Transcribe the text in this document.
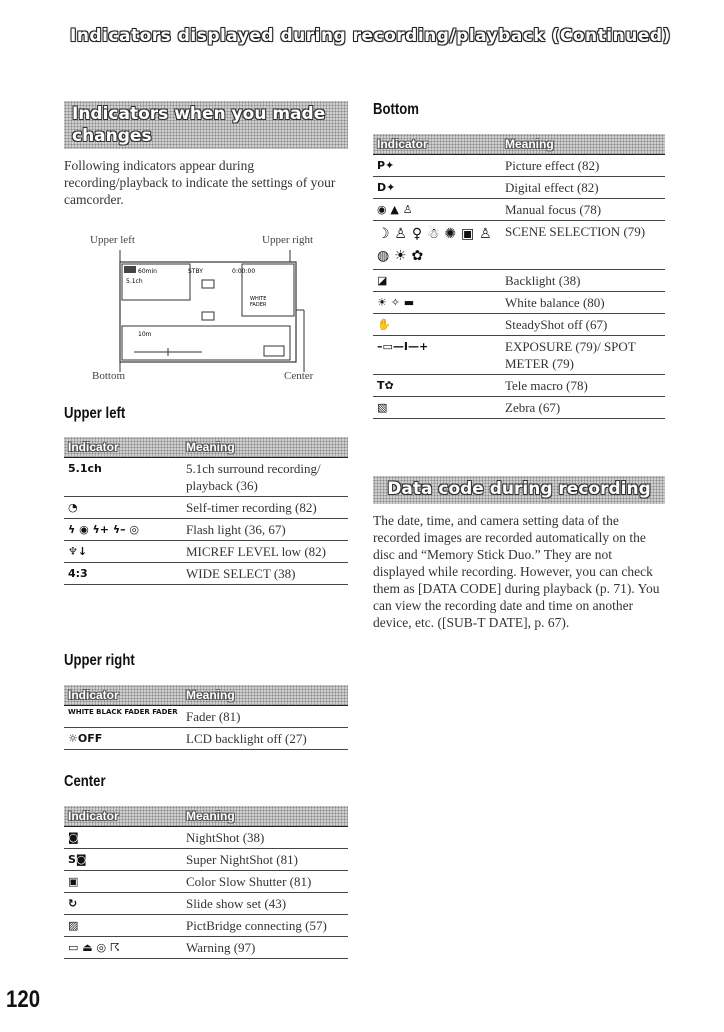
Indicators displayed during recording/playback (Continued)
Indicators when you made changes
Following indicators appear during recording/playback to indicate the settings of your camcorder.
Upper left	Upper right
Bottom	Center
60min	STBY	0:00:00
5.1ch
WHITE
FADER
10m
Upper left
Indicator	Meaning
5.1ch	5.1ch surround recording/ playback (36)
◔	Self-timer recording (82)
ϟ ◉ ϟ+ ϟ– ◎	Flash light (36, 67)
♆↓	MICREF LEVEL low (82)
4:3	WIDE SELECT (38)
Upper right
Indicator	Meaning
WHITE BLACK FADER FADER	Fader (81)
☼OFF	LCD backlight off (27)
Center
Indicator	Meaning
◙	NightShot (38)
S◙	Super NightShot (81)
▣	Color Slow Shutter (81)
↻	Slide show set (43)
▨	PictBridge connecting (57)
▭ ⏏ ◎ ☈	Warning (97)
Bottom
Indicator	Meaning
P✦	Picture effect (82)
D✦	Digital effect (82)
◉ ▲ ♙	Manual focus (78)
☽ ♙ ♀ ☃ ✺ ▣ ♙ ◍ ☀ ✿	SCENE SELECTION (79)
◪	Backlight (38)
☀ ✧ ▬	White balance (80)
✋	SteadyShot off (67)
–▭—I—+	EXPOSURE (79)/ SPOT METER (79)
T✿	Tele macro (78)
▧	Zebra (67)
Data code during recording
The date, time, and camera setting data of the recorded images are recorded automatically on the disc and “Memory Stick Duo.” They are not displayed while recording. However, you can check them as [DATA CODE] during playback (p. 71). You can view the recording date and time on another device, etc. ([SUB-T DATE], p. 67).
120
